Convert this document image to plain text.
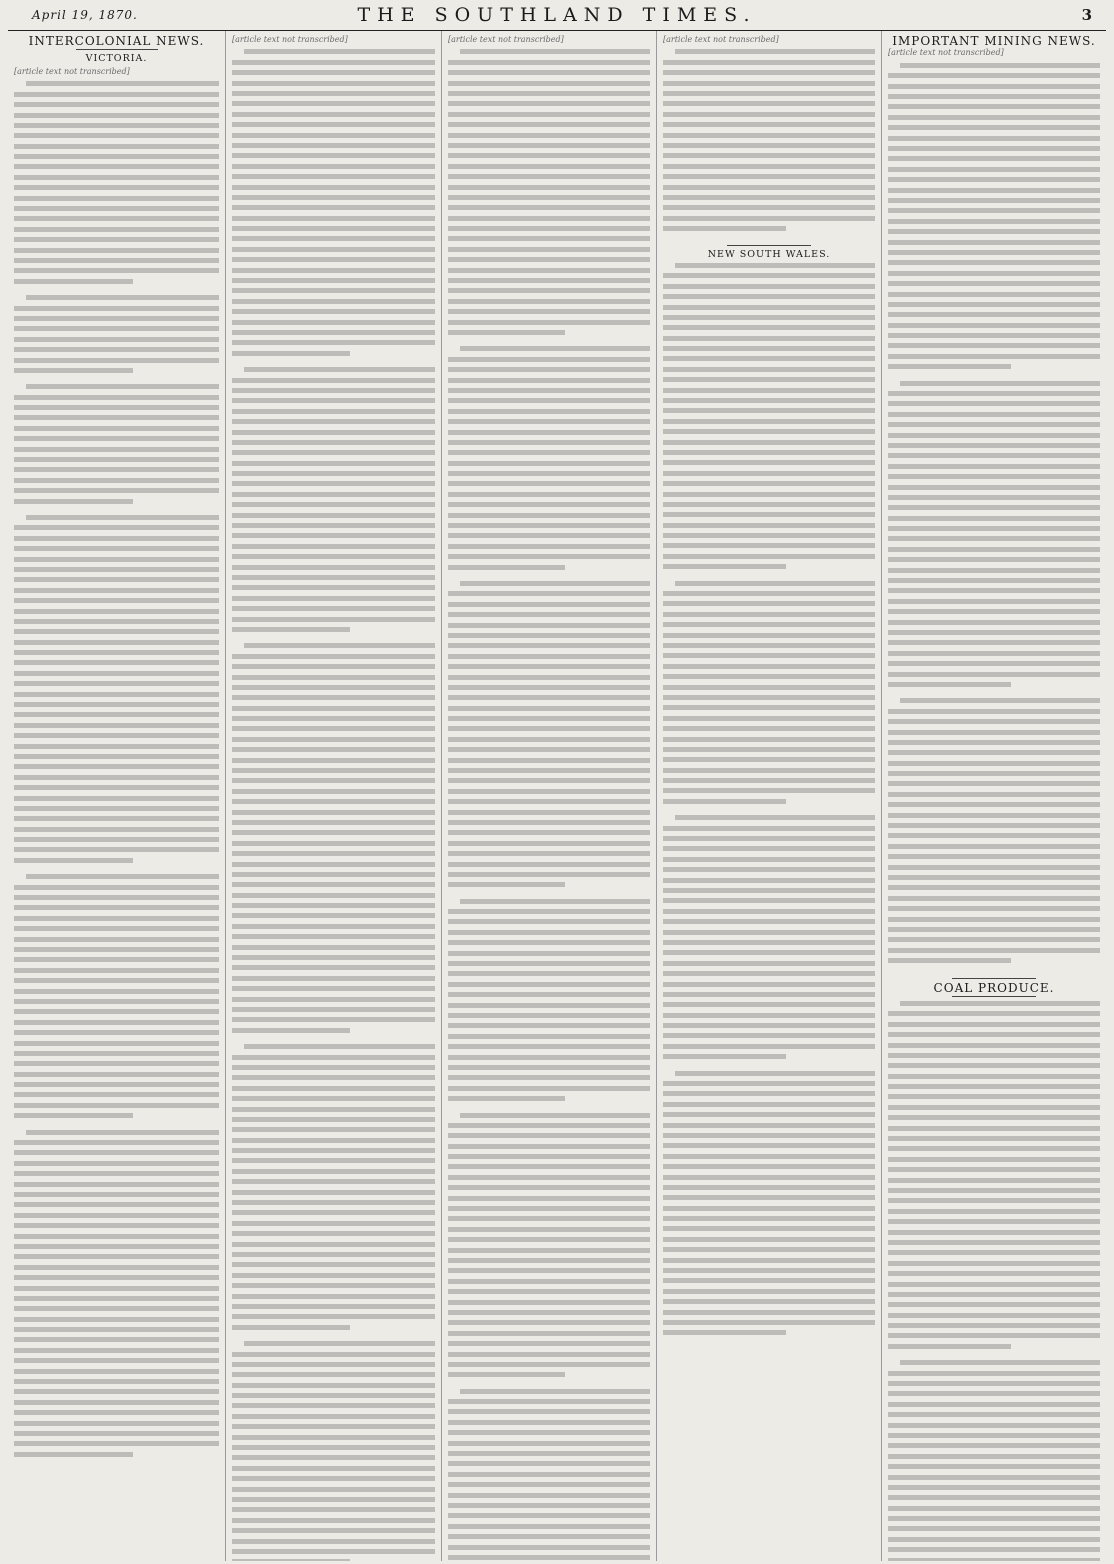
April 19, 1870.	THE SOUTHLAND TIMES.	3
INTERCOLONIAL NEWS.
VICTORIA.
[article text not transcribed]
[article text not transcribed]	[article text not transcribed]	[article text not transcribed]
NEW SOUTH WALES.
IMPORTANT MINING NEWS.
[article text not transcribed]
COAL PRODUCE.
